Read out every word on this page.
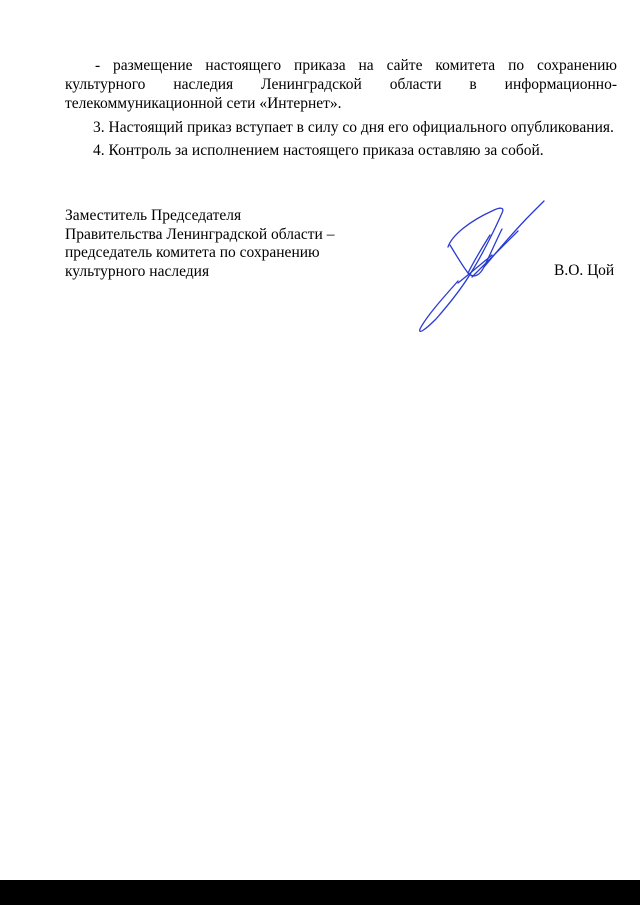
- размещение настоящего приказа на сайте комитета по сохранению
культурного наследия Ленинградской области в информационно-
телекоммуникационной сети «Интернет».
3. Настоящий приказ вступает в силу со дня его официального опубликования.
4. Контроль за исполнением настоящего приказа оставляю за собой.
Заместитель Председателя
Правительства Ленинградской области –
председатель комитета по сохранению
культурного наследия	В.О. Цой
